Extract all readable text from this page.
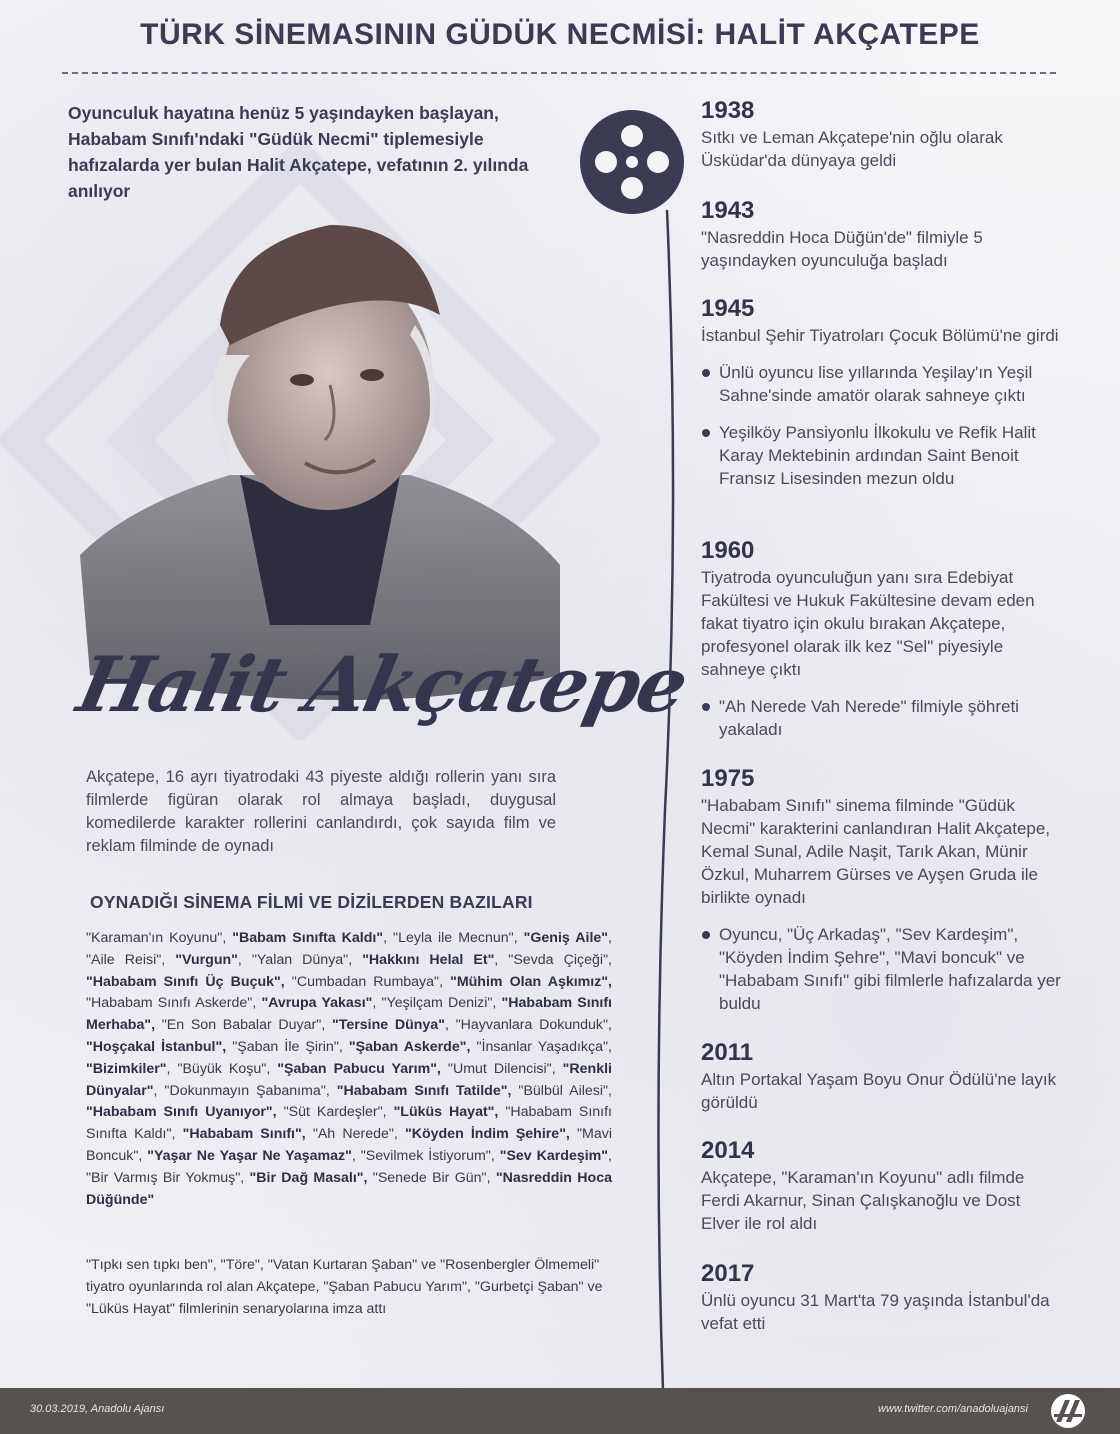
TÜRK SİNEMASININ GÜDÜK NECMİSİ: HALİT AKÇATEPE

Oyunculuk hayatına henüz 5 yaşındayken başlayan, Hababam Sınıfı'ndaki "Güdük Necmi" tiplemesiyle hafızalarda yer bulan Halit Akçatepe, vefatının 2. yılında anılıyor

Halit Akçatepe

Akçatepe, 16 ayrı tiyatrodaki 43 piyeste aldığı rollerin yanı sıra filmlerde figüran olarak rol almaya başladı, duygusal komedilerde karakter rollerini canlandırdı, çok sayıda film ve reklam filminde de oynadı

OYNADIĞI SİNEMA FİLMİ VE DİZİLERDEN BAZILARI

"Karaman'ın Koyunu", "Babam Sınıfta Kaldı", "Leyla ile Mecnun", "Geniş Aile", "Aile Reisi", "Vurgun", "Yalan Dünya", "Hakkını Helal Et", "Sevda Çiçeği", "Hababam Sınıfı Üç Buçuk", "Cumbadan Rumbaya", "Mühim Olan Aşkımız", "Hababam Sınıfı Askerde", "Avrupa Yakası", "Yeşilçam Denizi", "Hababam Sınıfı Merhaba", "En Son Babalar Duyar", "Tersine Dünya", "Hayvanlara Dokunduk", "Hoşçakal İstanbul", "Şaban İle Şirin", "Şaban Askerde", "İnsanlar Yaşadıkça", "Bizimkiler", "Büyük Koşu", "Şaban Pabucu Yarım", "Umut Dilencisi", "Renkli Dünyalar", "Dokunmayın Şabanıma", "Hababam Sınıfı Tatilde", "Bülbül Ailesi", "Hababam Sınıfı Uyanıyor", "Süt Kardeşler", "Lüküs Hayat", "Hababam Sınıfı Sınıfta Kaldı", "Hababam Sınıfı", "Ah Nerede", "Köyden İndim Şehire", "Mavi Boncuk", "Yaşar Ne Yaşar Ne Yaşamaz", "Sevilmek İstiyorum", "Sev Kardeşim", "Bir Varmış Bir Yokmuş", "Bir Dağ Masalı", "Senede Bir Gün", "Nasreddin Hoca Düğünde"

"Tıpkı sen tıpkı ben", "Töre", "Vatan Kurtaran Şaban" ve "Rosenbergler Ölmemeli" tiyatro oyunlarında rol alan Akçatepe, "Şaban Pabucu Yarım", "Gurbetçi Şaban" ve "Lüküs Hayat" filmlerinin senaryolarına imza attı

1938
Sıtkı ve Leman Akçatepe'nin oğlu olarak Üsküdar'da dünyaya geldi
1943
"Nasreddin Hoca Düğün'de" filmiyle 5 yaşındayken oyunculuğa başladı
1945
İstanbul Şehir Tiyatroları Çocuk Bölümü'ne girdi
Ünlü oyuncu lise yıllarında Yeşilay'ın Yeşil Sahne'sinde amatör olarak sahneye çıktı
Yeşilköy Pansiyonlu İlkokulu ve Refik Halit Karay Mektebinin ardından Saint Benoit Fransız Lisesinden mezun oldu
1960
Tiyatroda oyunculuğun yanı sıra Edebiyat Fakültesi ve Hukuk Fakültesine devam eden fakat tiyatro için okulu bırakan Akçatepe, profesyonel olarak ilk kez "Sel" piyesiyle sahneye çıktı
"Ah Nerede Vah Nerede" filmiyle şöhreti yakaladı
1975
"Hababam Sınıfı" sinema filminde "Güdük Necmi" karakterini canlandıran Halit Akçatepe, Kemal Sunal, Adile Naşit, Tarık Akan, Münir Özkul, Muharrem Gürses ve Ayşen Gruda ile birlikte oynadı
Oyuncu, "Üç Arkadaş", "Sev Kardeşim", "Köyden İndim Şehre", "Mavi boncuk" ve "Hababam Sınıfı" gibi filmlerle hafızalarda yer buldu
2011
Altın Portakal Yaşam Boyu Onur Ödülü'ne layık görüldü
2014
Akçatepe, "Karaman'ın Koyunu" adlı filmde Ferdi Akarnur, Sinan Çalışkanoğlu ve Dost Elver ile rol aldı
2017
Ünlü oyuncu 31 Mart'ta 79 yaşında İstanbul'da vefat etti
30.03.2019, Anadolu Ajansı	www.twitter.com/anadoluajansi
